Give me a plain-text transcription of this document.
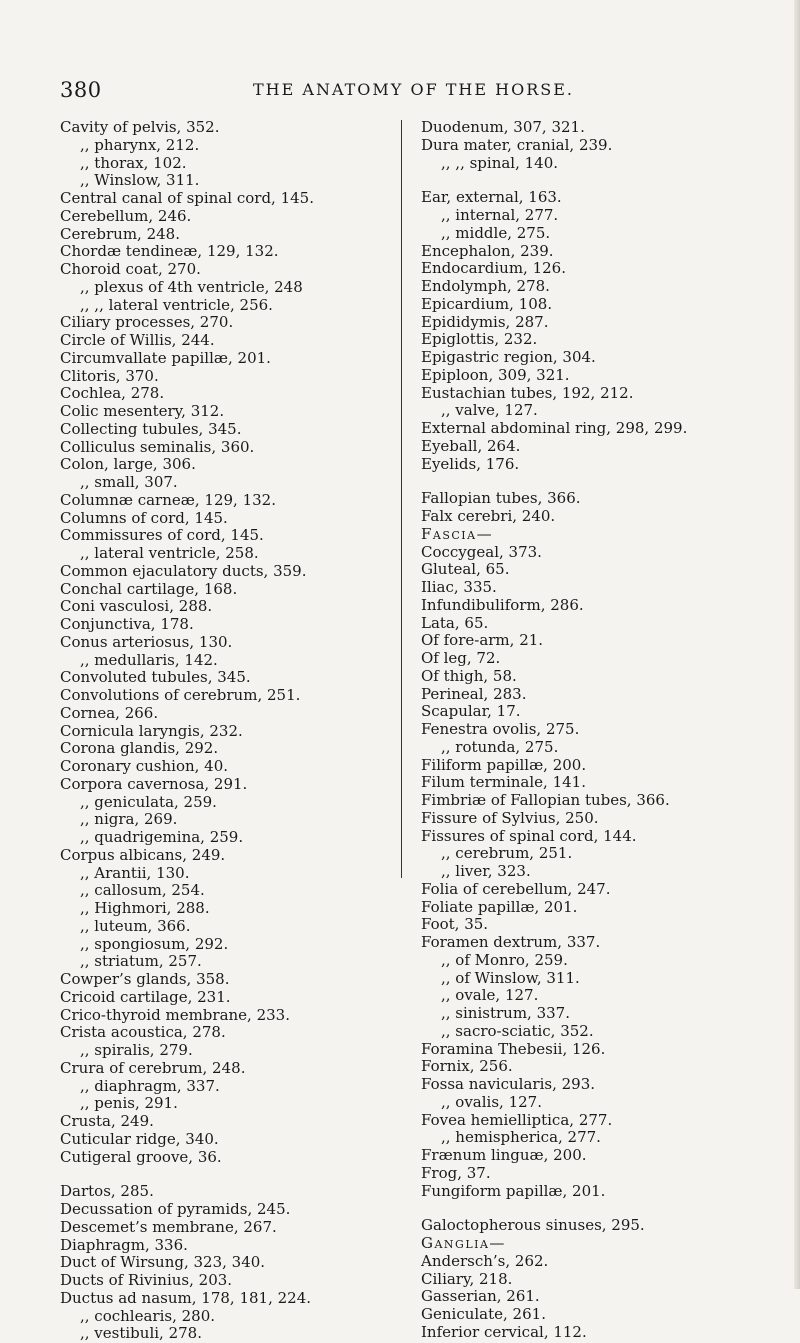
380	THE ANATOMY OF THE HORSE.
Cavity of pelvis, 352.
,, pharynx, 212.
,, thorax, 102.
,, Winslow, 311.
Central canal of spinal cord, 145.
Cerebellum, 246.
Cerebrum, 248.
Chordæ tendineæ, 129, 132.
Choroid coat, 270.
,, plexus of 4th ventricle, 248
,, ,, lateral ventricle, 256.
Ciliary processes, 270.
Circle of Willis, 244.
Circumvallate papillæ, 201.
Clitoris, 370.
Cochlea, 278.
Colic mesentery, 312.
Collecting tubules, 345.
Colliculus seminalis, 360.
Colon, large, 306.
,, small, 307.
Columnæ carneæ, 129, 132.
Columns of cord, 145.
Commissures of cord, 145.
,, lateral ventricle, 258.
Common ejaculatory ducts, 359.
Conchal cartilage, 168.
Coni vasculosi, 288.
Conjunctiva, 178.
Conus arteriosus, 130.
,, medullaris, 142.
Convoluted tubules, 345.
Convolutions of cerebrum, 251.
Cornea, 266.
Cornicula laryngis, 232.
Corona glandis, 292.
Coronary cushion, 40.
Corpora cavernosa, 291.
,, geniculata, 259.
,, nigra, 269.
,, quadrigemina, 259.
Corpus albicans, 249.
,, Arantii, 130.
,, callosum, 254.
,, Highmori, 288.
,, luteum, 366.
,, spongiosum, 292.
,, striatum, 257.
Cowper’s glands, 358.
Cricoid cartilage, 231.
Crico-thyroid membrane, 233.
Crista acoustica, 278.
,, spiralis, 279.
Crura of cerebrum, 248.
,, diaphragm, 337.
,, penis, 291.
Crusta, 249.
Cuticular ridge, 340.
Cutigeral groove, 36.
Dartos, 285.
Decussation of pyramids, 245.
Descemet’s membrane, 267.
Diaphragm, 336.
Duct of Wirsung, 323, 340.
Ducts of Rivinius, 203.
Ductus ad nasum, 178, 181, 224.
,, cochlearis, 280.
,, vestibuli, 278.
Duodenum, 307, 321.
Dura mater, cranial, 239.
,, ,, spinal, 140.
Ear, external, 163.
,, internal, 277.
,, middle, 275.
Encephalon, 239.
Endocardium, 126.
Endolymph, 278.
Epicardium, 108.
Epididymis, 287.
Epiglottis, 232.
Epigastric region, 304.
Epiploon, 309, 321.
Eustachian tubes, 192, 212.
,, valve, 127.
External abdominal ring, 298, 299.
Eyeball, 264.
Eyelids, 176.
Fallopian tubes, 366.
Falx cerebri, 240.
Fascia—
Coccygeal, 373.
Gluteal, 65.
Iliac, 335.
Infundibuliform, 286.
Lata, 65.
Of fore-arm, 21.
Of leg, 72.
Of thigh, 58.
Perineal, 283.
Scapular, 17.
Fenestra ovolis, 275.
,, rotunda, 275.
Filiform papillæ, 200.
Filum terminale, 141.
Fimbriæ of Fallopian tubes, 366.
Fissure of Sylvius, 250.
Fissures of spinal cord, 144.
,, cerebrum, 251.
,, liver, 323.
Folia of cerebellum, 247.
Foliate papillæ, 201.
Foot, 35.
Foramen dextrum, 337.
,, of Monro, 259.
,, of Winslow, 311.
,, ovale, 127.
,, sinistrum, 337.
,, sacro-sciatic, 352.
Foramina Thebesii, 126.
Fornix, 256.
Fossa navicularis, 293.
,, ovalis, 127.
Fovea hemielliptica, 277.
,, hemispherica, 277.
Frænum linguæ, 200.
Frog, 37.
Fungiform papillæ, 201.
Galoctopherous sinuses, 295.
Ganglia—
Andersch’s, 262.
Ciliary, 218.
Gasserian, 261.
Geniculate, 261.
Inferior cervical, 112.
